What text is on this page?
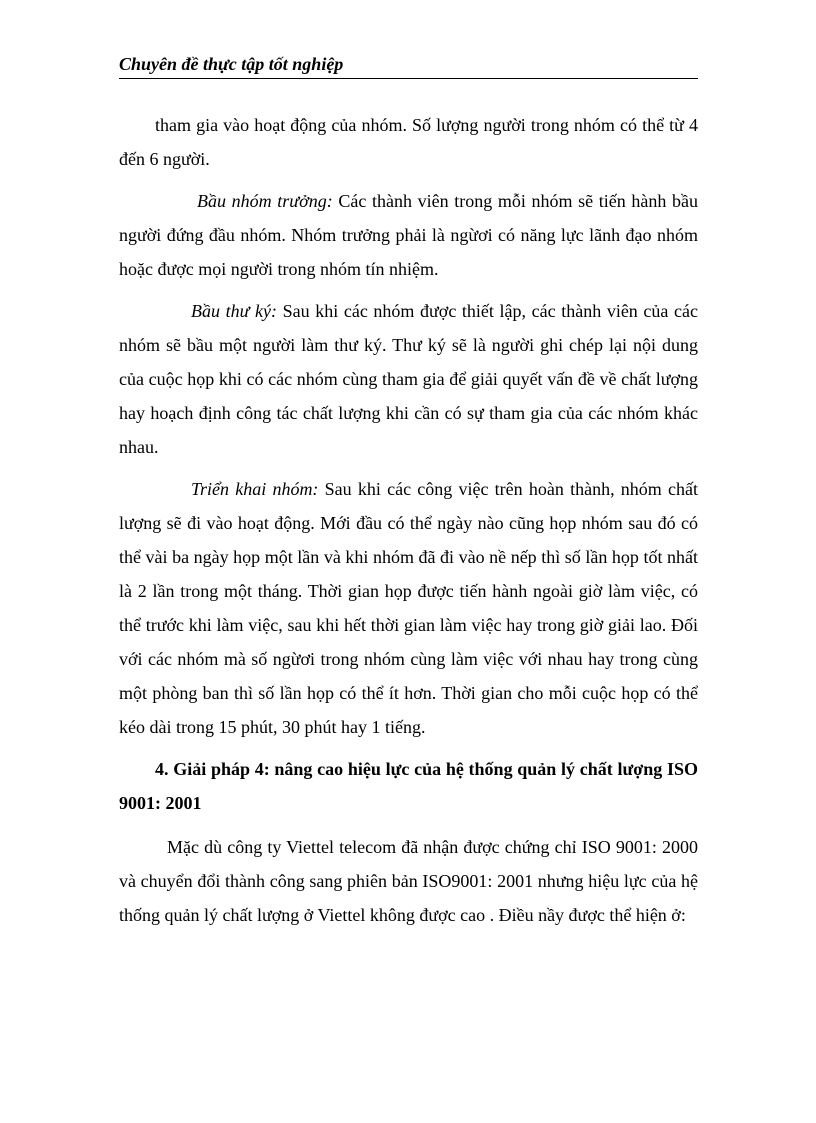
Chuyên đề thực tập tốt nghiệp

tham gia vào hoạt động của nhóm. Số lượng người trong nhóm có thể từ 4 đến 6 người.

Bầu nhóm trưởng: Các thành viên trong mỗi nhóm sẽ tiến hành bầu người đứng đầu nhóm. Nhóm trưởng phải là ngừơi có năng lực lãnh đạo nhóm hoặc được mọi người trong nhóm tín nhiệm.

Bầu thư ký: Sau khi các nhóm được thiết lập, các thành viên của các nhóm sẽ bầu một người làm thư ký. Thư ký sẽ là người ghi chép lại nội dung của cuộc họp khi có các nhóm cùng tham gia để giải quyết vấn đề về chất lượng hay hoạch định công tác chất lượng khi cần có sự tham gia của các nhóm khác nhau.

Triển khai nhóm: Sau khi các công việc trên hoàn thành, nhóm chất lượng sẽ đi vào hoạt động. Mới đầu có thể ngày nào cũng họp nhóm sau đó có thể vài ba ngày họp một lần và khi nhóm đã đi vào nề nếp thì số lần họp tốt nhất là 2 lần trong một tháng. Thời gian họp được tiến hành ngoài giờ làm việc, có thể trước khi làm việc, sau khi hết thời gian làm việc hay trong giờ giải lao. Đối với các nhóm mà số ngừơi trong nhóm cùng làm việc với nhau hay trong cùng một phòng ban thì số lần họp có thể ít hơn. Thời gian cho mỗi cuộc họp có thể kéo dài trong 15 phút, 30 phút hay 1 tiếng.

4. Giải pháp 4: nâng cao hiệu lực của hệ thống quản lý chất lượng ISO 9001: 2001

Mặc dù công ty Viettel telecom đã nhận được chứng chỉ ISO 9001: 2000 và chuyển đổi thành công sang phiên bản ISO9001: 2001 nhưng hiệu lực của hệ thống quản lý chất lượng ở Viettel không được cao . Điều nầy được thể hiện ở:
